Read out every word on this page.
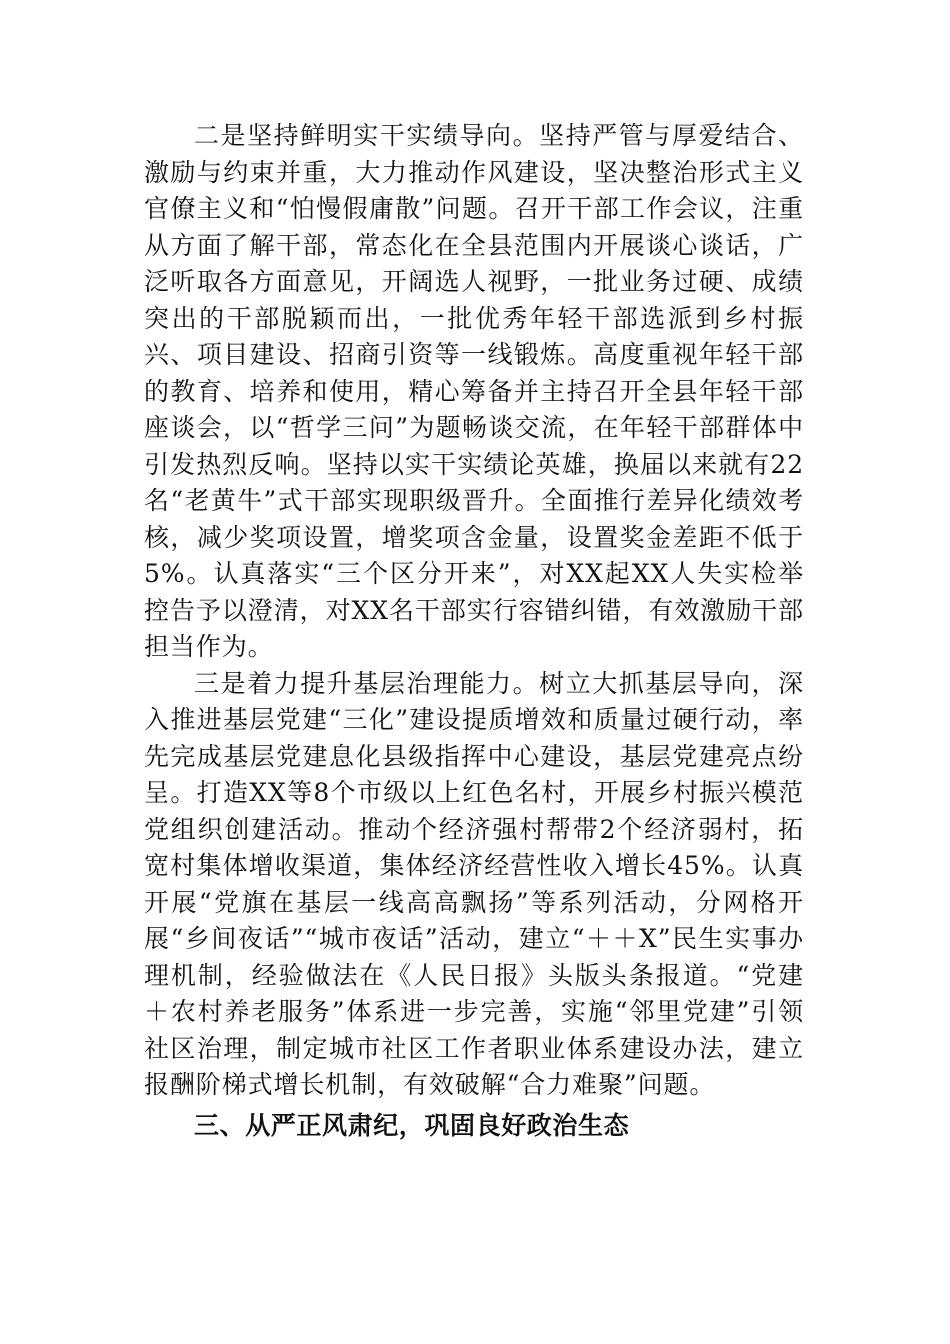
二是坚持鲜明实干实绩导向。坚持严管与厚爱结合、激励与约束并重，大力推动作风建设，坚决整治形式主义官僚主义和“怕慢假庸散”问题。召开干部工作会议，注重从方面了解干部，常态化在全县范围内开展谈心谈话，广泛听取各方面意见，开阔选人视野，一批业务过硬、成绩突出的干部脱颖而出，一批优秀年轻干部选派到乡村振兴、项目建设、招商引资等一线锻炼。高度重视年轻干部的教育、培养和使用，精心筹备并主持召开全县年轻干部座谈会，以“哲学三问”为题畅谈交流，在年轻干部群体中引发热烈反响。坚持以实干实绩论英雄，换届以来就有22名“老黄牛”式干部实现职级晋升。全面推行差异化绩效考核，减少奖项设置，增奖项含金量，设置奖金差距不低于5%。认真落实“三个区分开来”，对XX起XX人失实检举控告予以澄清，对XX名干部实行容错纠错，有效激励干部担当作为。

三是着力提升基层治理能力。树立大抓基层导向，深入推进基层党建“三化”建设提质增效和质量过硬行动，率先完成基层党建息化县级指挥中心建设，基层党建亮点纷呈。打造XX等8个市级以上红色名村，开展乡村振兴模范党组织创建活动。推动个经济强村帮带2个经济弱村，拓宽村集体增收渠道，集体经济经营性收入增长45%。认真开展“党旗在基层一线高高飘扬”等系列活动，分网格开展“乡间夜话”“城市夜话”活动，建立“＋＋X”民生实事办理机制，经验做法在《人民日报》头版头条报道。“党建＋农村养老服务”体系进一步完善，实施“邻里党建”引领社区治理，制定城市社区工作者职业体系建设办法，建立报酬阶梯式增长机制，有效破解“合力难聚”问题。

三、从严正风肃纪，巩固良好政治生态
